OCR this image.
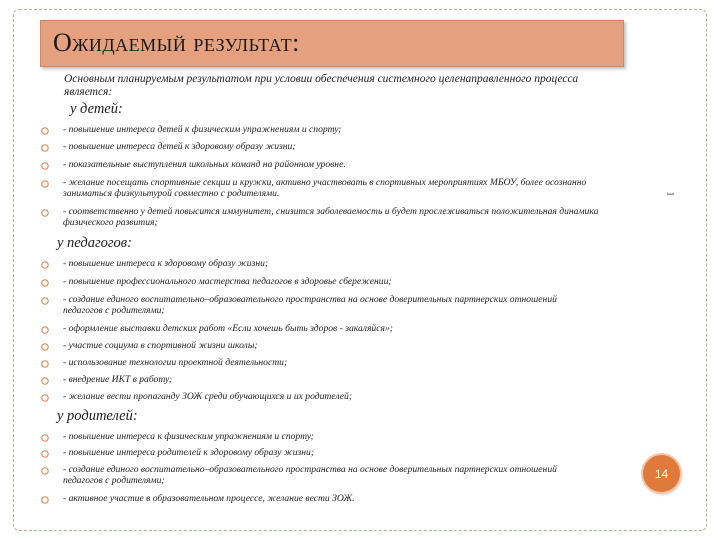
Ожидаемый результат:
Основным планируемым результатом при условии обеспечения системного целенаправленного процесса является:
у детей:
у педагогов:
у родителей:
- повышение интереса детей к физическим упражнениям и спорту;
- повышение интереса детей к здоровому образу жизни;
- показательные выступления школьных команд на районном уровне.
- желание посещать спортивные секции и кружки, активно участвовать в спортивных мероприятиях МБОУ, более осознанно заниматься физкультурой совместно с родителями.
- соответственно у детей повысится иммунитет, снизится заболеваемость и будет прослеживаться положительная динамика физического развития;
- повышение интереса к здоровому образу жизни;
- повышение профессионального мастерства педагогов в здоровье сбережении;
- создание единого воспитательно–образовательного пространства на основе доверительных партнерских отношений педагогов с родителями;
- оформление выставки детских работ «Если хочешь быть здоров - закаляйся»;
- участие социума в спортивной жизни школы;
- использование технологии проектной деятельности;
- внедрение ИКТ в работу;
- желание вести пропаганду ЗОЖ среди обучающихся и их родителей;
- повышение интереса к физическим упражнениям и спорту;
- повышение интереса родителей к здоровому образу жизни;
- создание единого воспитательно–образовательного пространства на основе доверительных партнерских отношений педагогов с родителями;
- активное участие в образовательном процессе, желание вести ЗОЖ.
1
14
